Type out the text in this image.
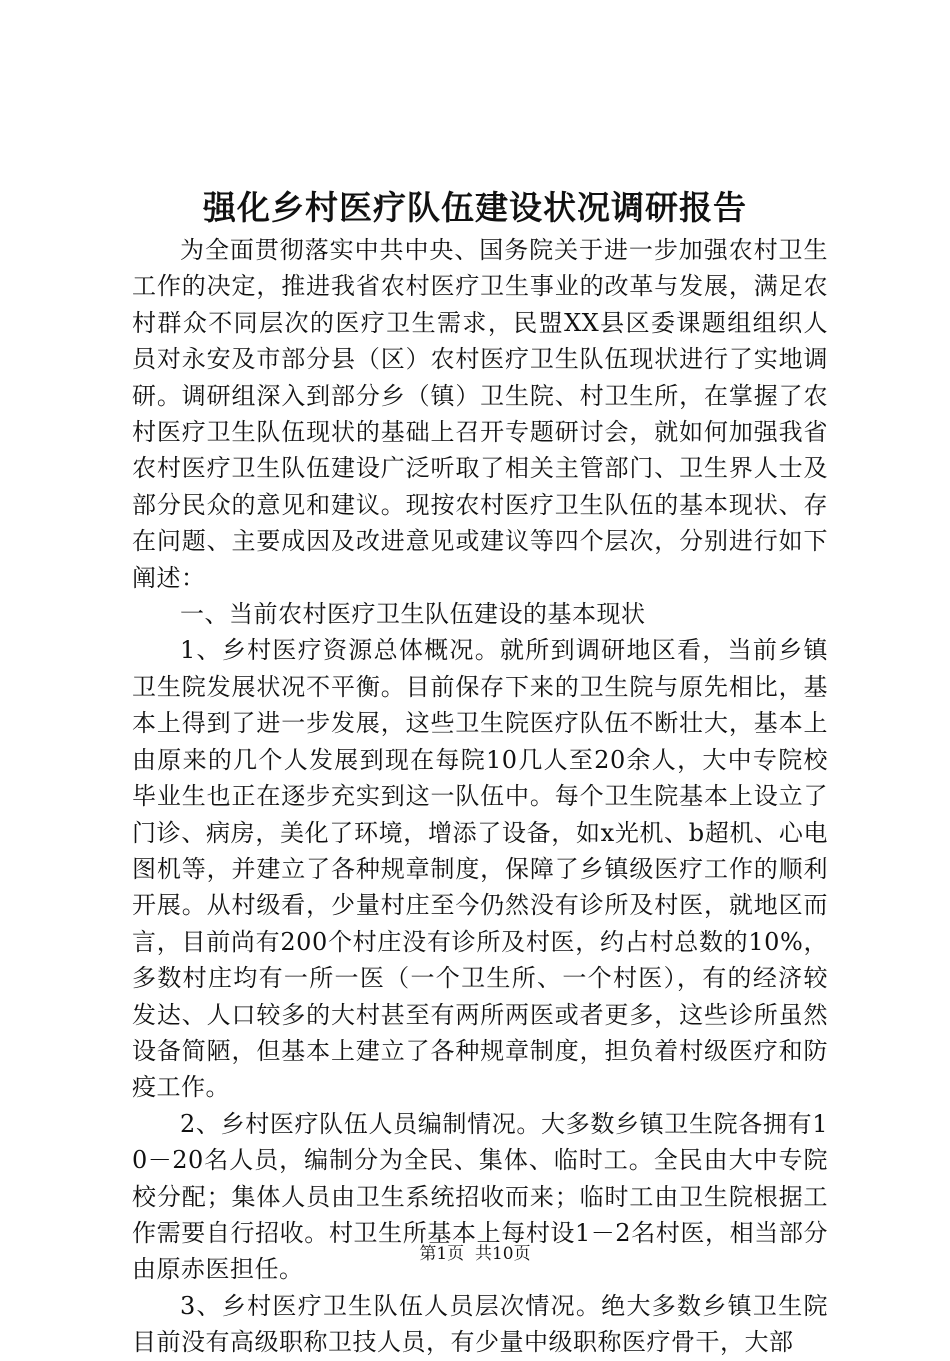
强化乡村医疗队伍建设状况调研报告

为全面贯彻落实中共中央、国务院关于进一步加强农村卫生工作的决定，推进我省农村医疗卫生事业的改革与发展，满足农村群众不同层次的医疗卫生需求，民盟XX县区委课题组组织人员对永安及市部分县（区）农村医疗卫生队伍现状进行了实地调研。调研组深入到部分乡（镇）卫生院、村卫生所，在掌握了农村医疗卫生队伍现状的基础上召开专题研讨会，就如何加强我省农村医疗卫生队伍建设广泛听取了相关主管部门、卫生界人士及部分民众的意见和建议。现按农村医疗卫生队伍的基本现状、存在问题、主要成因及改进意见或建议等四个层次，分别进行如下阐述：

一、当前农村医疗卫生队伍建设的基本现状

1、乡村医疗资源总体概况。就所到调研地区看，当前乡镇卫生院发展状况不平衡。目前保存下来的卫生院与原先相比，基本上得到了进一步发展，这些卫生院医疗队伍不断壮大，基本上由原来的几个人发展到现在每院10几人至20余人，大中专院校毕业生也正在逐步充实到这一队伍中。每个卫生院基本上设立了门诊、病房，美化了环境，增添了设备，如x光机、b超机、心电图机等，并建立了各种规章制度，保障了乡镇级医疗工作的顺利开展。从村级看，少量村庄至今仍然没有诊所及村医，就地区而言，目前尚有200个村庄没有诊所及村医，约占村总数的10%，多数村庄均有一所一医（一个卫生所、一个村医），有的经济较发达、人口较多的大村甚至有两所两医或者更多，这些诊所虽然设备简陋，但基本上建立了各种规章制度，担负着村级医疗和防疫工作。

2、乡村医疗队伍人员编制情况。大多数乡镇卫生院各拥有10－20名人员，编制分为全民、集体、临时工。全民由大中专院校分配；集体人员由卫生系统招收而来；临时工由卫生院根据工作需要自行招收。村卫生所基本上每村设1－2名村医，相当部分由原赤医担任。

3、乡村医疗卫生队伍人员层次情况。绝大多数乡镇卫生院目前没有高级职称卫技人员，有少量中级职称医疗骨干，大部

第1页  共10页
